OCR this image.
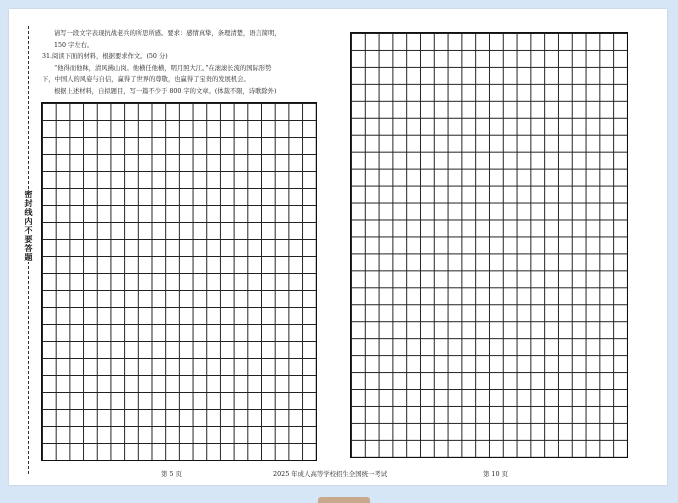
密封线内不要答题
请写一段文字表现抗战老兵的所思所感。要求：感情真挚，条理清楚，语言简明，
150 字左右。
31.阅读下面的材料，根据要求作文。(50 分)
“他得而他秣，清风拂山岗。他横任他横，明月照大江。”在滚滚长流的国际形势
下，中国人的风姿与自信，赢得了世界的尊敬，也赢得了宝贵的发展机会。
根据上述材料，自拟题目，写一篇不少于 800 字的文章。(体裁不限，诗歌除外)
第 5 页	2025 年成人高等学校招生全国统一考试	第 10 页
